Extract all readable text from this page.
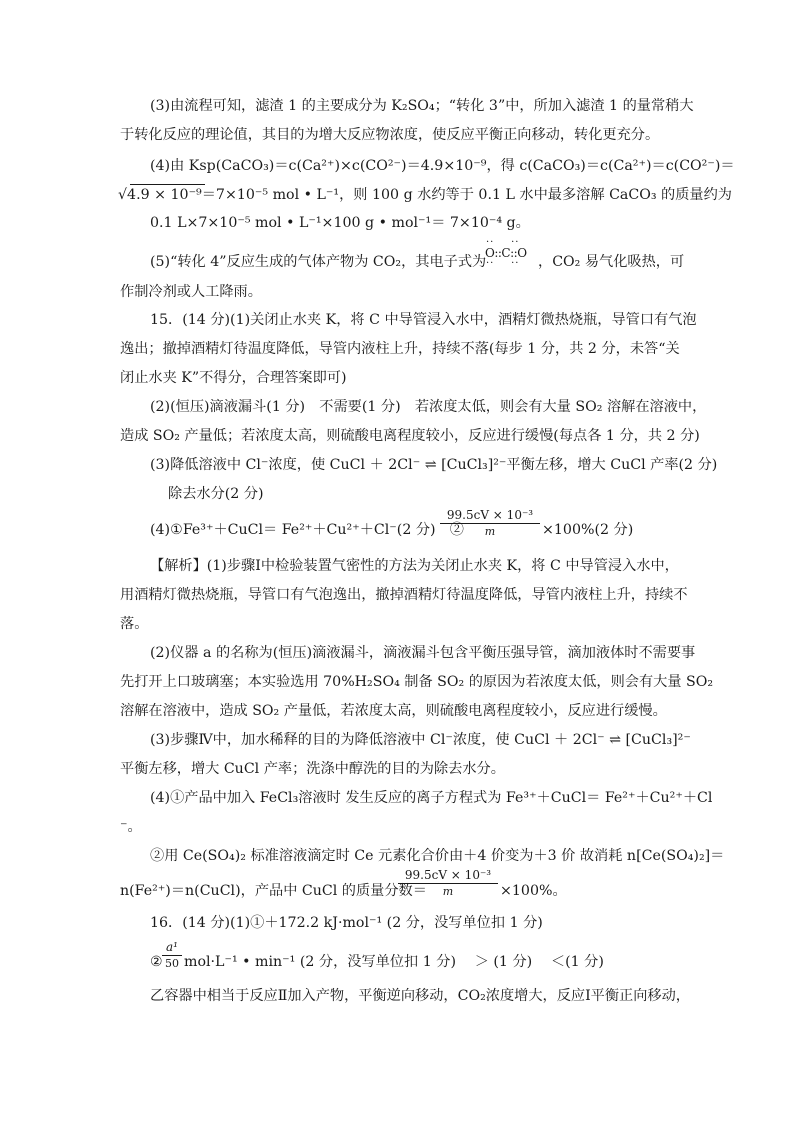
(3)由流程可知，滤渣 1 的主要成分为 K₂SO₄；“转化 3”中，所加入滤渣 1 的量常稍大
于转化反应的理论值，其目的为增大反应物浓度，使反应平衡正向移动，转化更充分。
(4)由 Ksp(CaCO₃)＝c(Ca²⁺)×c(CO²⁻)＝4.9×10⁻⁹，得 c(CaCO₃)＝c(Ca²⁺)＝c(CO²⁻)＝
√4.9 × 10⁻⁹＝7×10⁻⁵ mol • L⁻¹，则 100 g 水约等于 0.1 L 水中最多溶解 CaCO₃ 的质量约为
0.1 L×7×10⁻⁵ mol • L⁻¹×100 g • mol⁻¹＝ 7×10⁻⁴ g。
(5)“转化 4”反应生成的气体产物为 CO₂，其电子式为
··    ··
O::C::O
··    ·· ，CO₂ 易气化吸热，可
作制冷剂或人工降雨。
15．(14 分)(1)关闭止水夹 K，将 C 中导管浸入水中，酒精灯微热烧瓶，导管口有气泡
逸出；撤掉酒精灯待温度降低，导管内液柱上升，持续不落(每步 1 分，共 2 分，未答“关
闭止水夹 K”不得分，合理答案即可)
(2)(恒压)滴液漏斗(1 分)　不需要(1 分)　若浓度太低，则会有大量 SO₂ 溶解在溶液中，
造成 SO₂ 产量低；若浓度太高，则硫酸电离程度较小，反应进行缓慢(每点各 1 分，共 2 分)
(3)降低溶液中 Cl⁻浓度，使 CuCl ＋ 2Cl⁻ ⇌ [CuCl₃]²⁻平衡左移，增大 CuCl 产率(2 分)
除去水分(2 分)
(4)①Fe³⁺＋CuCl＝ Fe²⁺＋Cu²⁺＋Cl⁻(2 分)　②
99.5cV × 10⁻³
m	×100%(2 分)
【解析】(1)步骤Ⅰ中检验装置气密性的方法为关闭止水夹 K，将 C 中导管浸入水中，
用酒精灯微热烧瓶，导管口有气泡逸出，撤掉酒精灯待温度降低，导管内液柱上升，持续不
落。
(2)仪器 a 的名称为(恒压)滴液漏斗，滴液漏斗包含平衡压强导管，滴加液体时不需要事
先打开上口玻璃塞；本实验选用 70%H₂SO₄ 制备 SO₂ 的原因为若浓度太低，则会有大量 SO₂
溶解在溶液中，造成 SO₂ 产量低，若浓度太高，则硫酸电离程度较小，反应进行缓慢。
(3)步骤Ⅳ中，加水稀释的目的为降低溶液中 Cl⁻浓度，使 CuCl ＋ 2Cl⁻ ⇌ [CuCl₃]²⁻
平衡左移，增大 CuCl 产率；洗涤中醇洗的目的为除去水分。
(4)①产品中加入 FeCl₃溶液时 发生反应的离子方程式为 Fe³⁺＋CuCl＝ Fe²⁺＋Cu²⁺＋Cl
⁻。
②用 Ce(SO₄)₂ 标准溶液滴定时 Ce 元素化合价由＋4 价变为＋3 价 故消耗 n[Ce(SO₄)₂]＝
n(Fe²⁺)＝n(CuCl)，产品中 CuCl 的质量分数＝
99.5cV × 10⁻³
m	×100%。
16．(14 分)(1)①＋172.2 kJ·mol⁻¹ (2 分，没写单位扣 1 分)
②
a¹
50 mol·L⁻¹ • min⁻¹ (2 分，没写单位扣 1 分)　 ＞ (1 分)　 ＜(1 分)
乙容器中相当于反应Ⅱ加入产物，平衡逆向移动，CO₂浓度增大，反应Ⅰ平衡正向移动，
